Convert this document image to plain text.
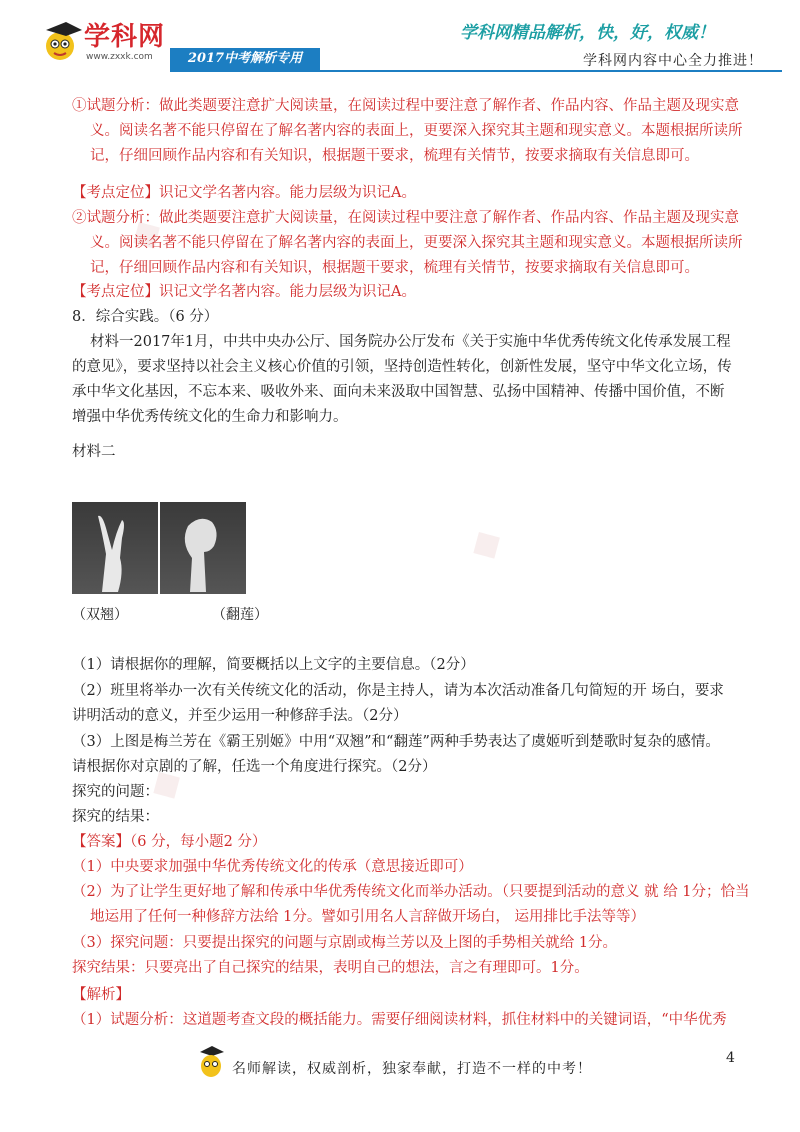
学科网
www.zxxk.com	2017中考解析专用
学科网精品解析，快，好，权威！
学科网内容中心全力推进！
◆
◆
◆
①试题分析：做此类题要注意扩大阅读量，在阅读过程中要注意了解作者、作品内容、作品主题及现实意义。阅读名著不能只停留在了解名著内容的表面上，更要深入探究其主题和现实意义。本题根据所读所记，仔细回顾作品内容和有关知识，根据题干要求，梳理有关情节，按要求摘取有关信息即可。
【考点定位】识记文学名著内容。能力层级为识记A。
②试题分析：做此类题要注意扩大阅读量，在阅读过程中要注意了解作者、作品内容、作品主题及现实意义。阅读名著不能只停留在了解名著内容的表面上，更要深入探究其主题和现实意义。本题根据所读所记，仔细回顾作品内容和有关知识，根据题干要求，梳理有关情节，按要求摘取有关信息即可。
【考点定位】识记文学名著内容。能力层级为识记A。
8．综合实践。（6 分）
材料一2017年1月，中共中央办公厅、国务院办公厅发布《关于实施中华优秀传统文化传承发展工程的意见》，要求坚持以社会主义核心价值的引领，坚持创造性转化，创新性发展，坚守中华文化立场，传承中华文化基因，不忘本来、吸收外来、面向未来汲取中国智慧、弘扬中国精神、传播中国价值，不断增强中华优秀传统文化的生命力和影响力。
材料二
（双翘）	（翻莲）
（1）请根据你的理解，简要概括以上文字的主要信息。（2分）
（2）班里将举办一次有关传统文化的活动，你是主持人，请为本次活动准备几句简短的开 场白，要求讲明活动的意义，并至少运用一种修辞手法。（2分）
（3）上图是梅兰芳在《霸王别姬》中用“双翘”和“翻莲”两种手势表达了虞姬听到楚歌时复杂的感情。请根据你对京剧的了解，任选一个角度进行探究。（2分）
探究的问题：
探究的结果：
【答案】（6 分，每小题2 分）
（1）中央要求加强中华优秀传统文化的传承（意思接近即可）
（2）为了让学生更好地了解和传承中华优秀传统文化而举办活动。（只要提到活动的意义 就 给 1分；恰当地运用了任何一种修辞方法给 1分。譬如引用名人言辞做开场白， 运用排比手法等等）
（3）探究问题：只要提出探究的问题与京剧或梅兰芳以及上图的手势相关就给 1分。
探究结果：只要亮出了自己探究的结果，表明自己的想法，言之有理即可。1分。
【解析】
（1）试题分析：这道题考查文段的概括能力。需要仔细阅读材料，抓住材料中的关键词语，“中华优秀
名师解读，权威剖析，独家奉献，打造不一样的中考！
4
